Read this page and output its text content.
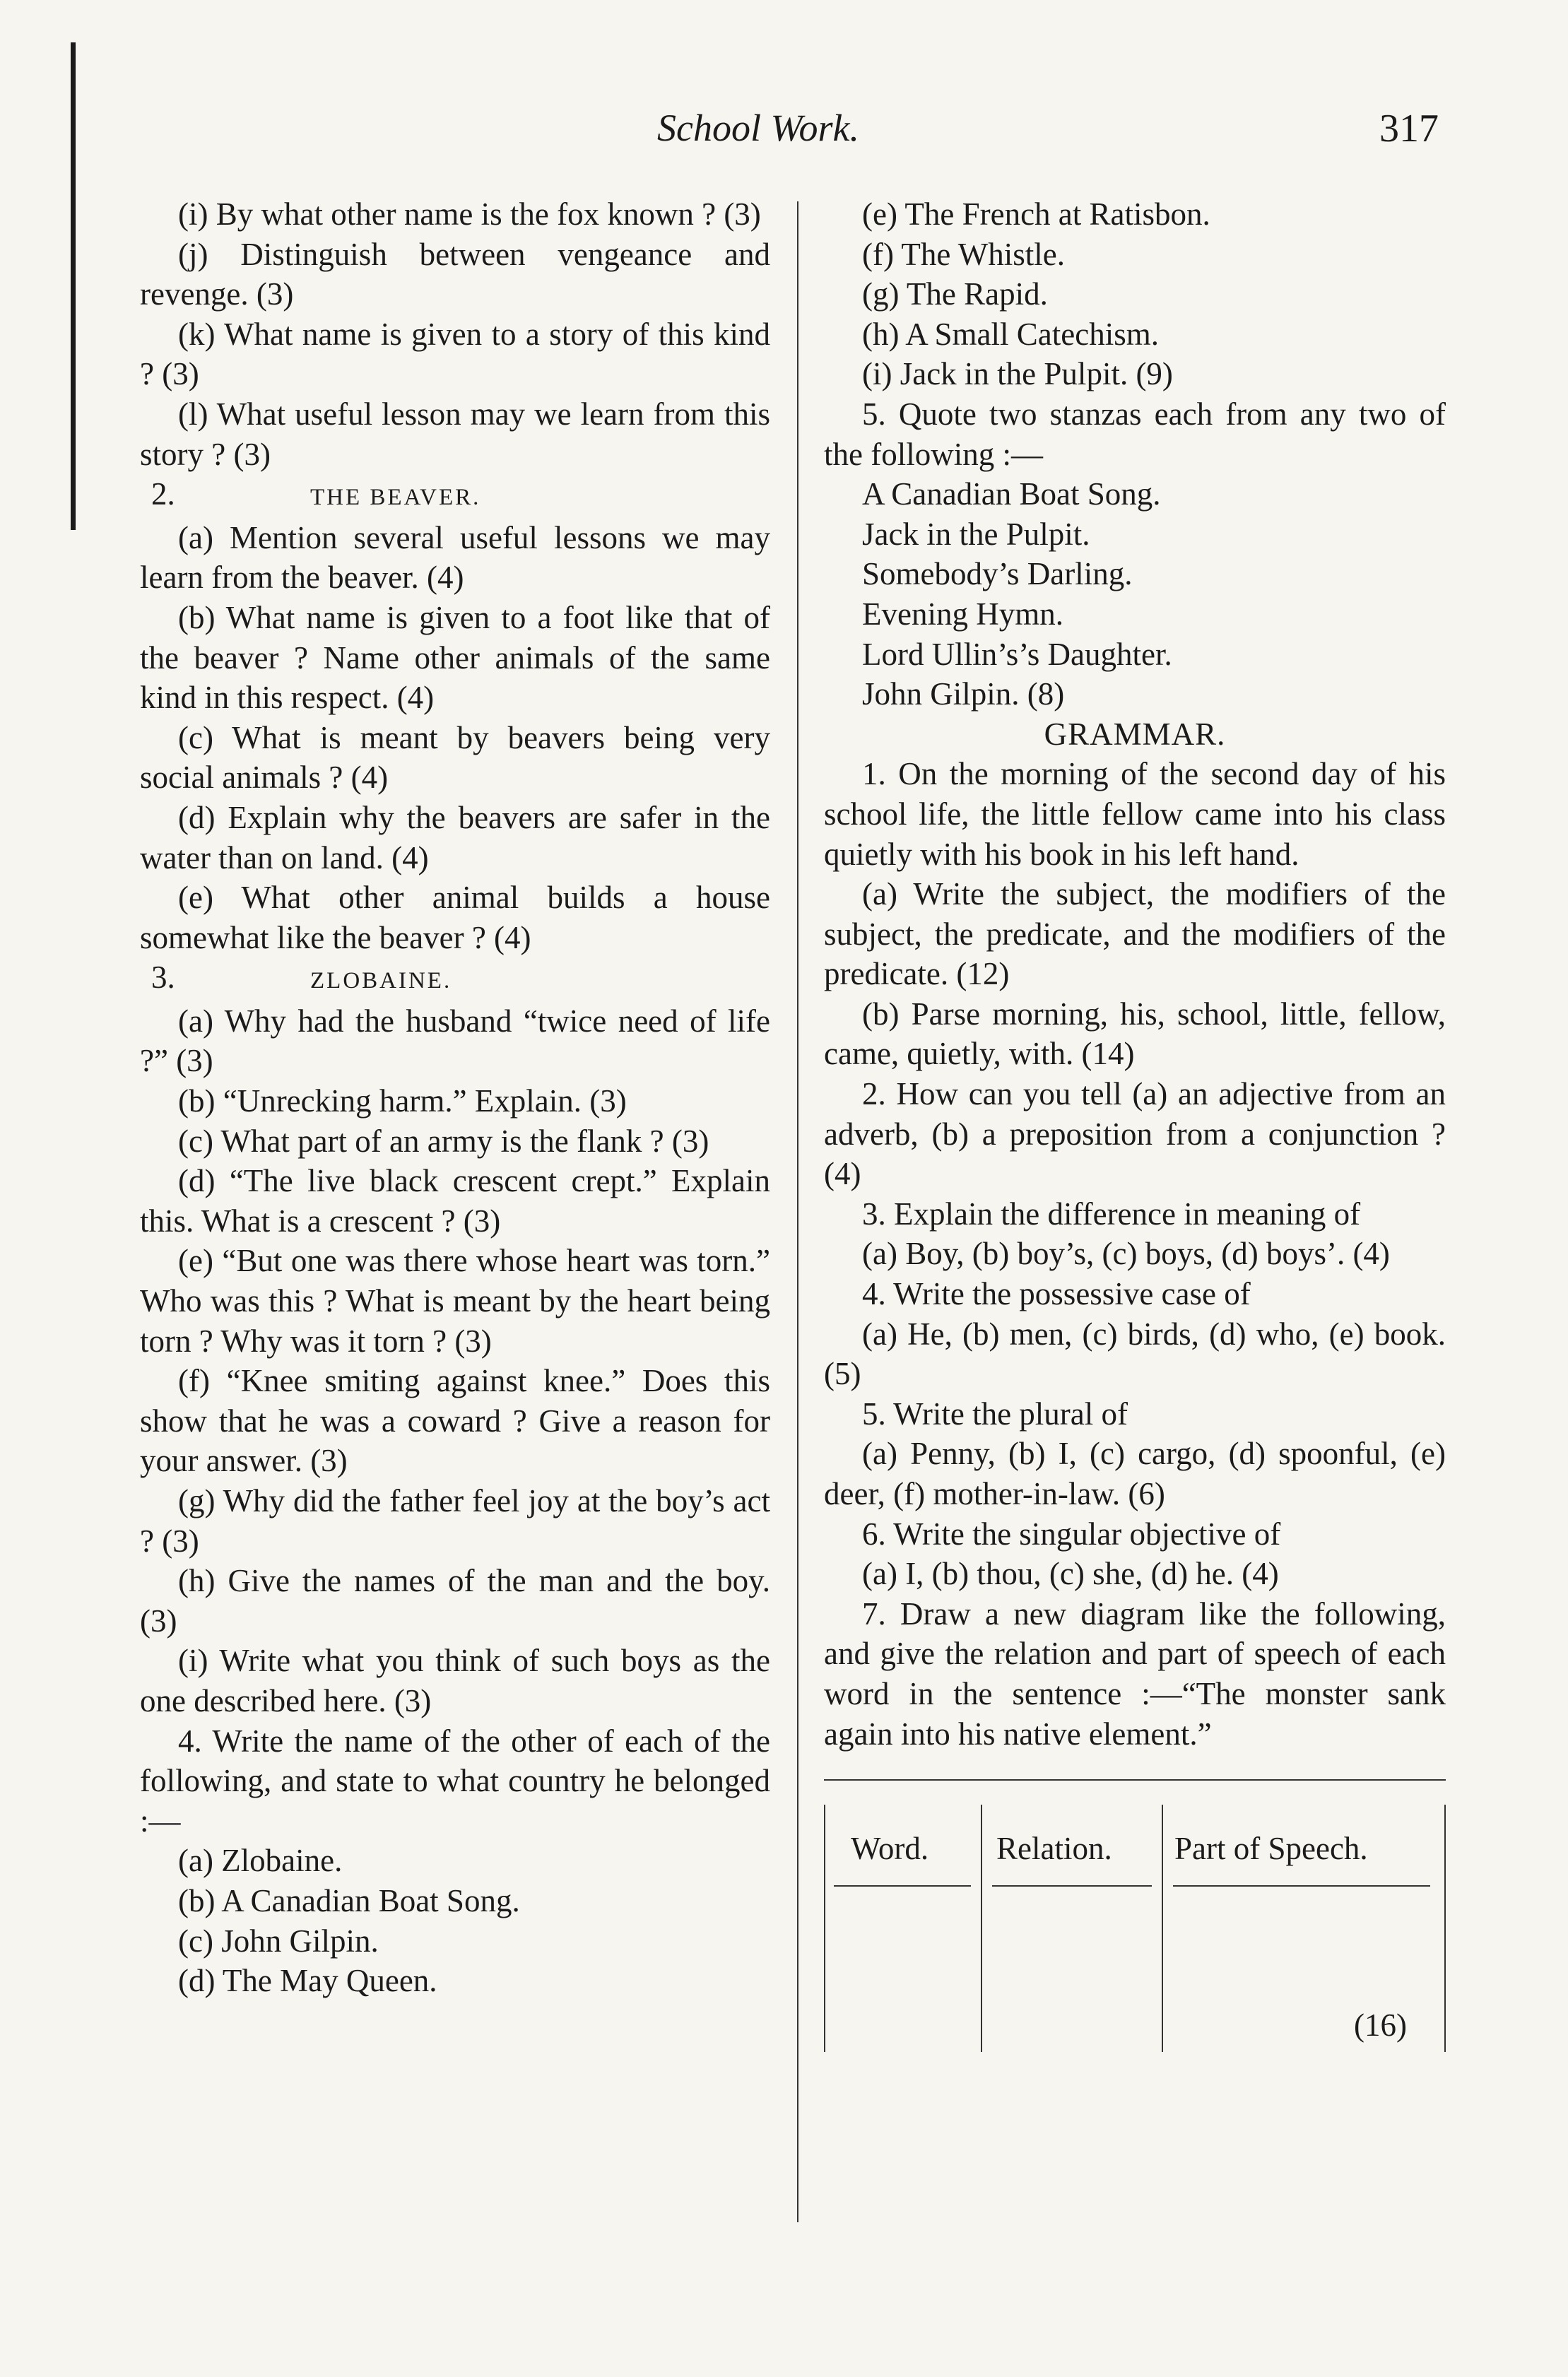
School Work.	317

(i) By what other name is the fox known ? (3)

(j) Distinguish between vengeance and revenge. (3)

(k) What name is given to a story of this kind ? (3)

(l) What useful lesson may we learn from this story ? (3)

2.	THE BEAVER.

(a) Mention several useful lessons we may learn from the beaver. (4)

(b) What name is given to a foot like that of the beaver ? Name other animals of the same kind in this respect. (4)

(c) What is meant by beavers being very social animals ? (4)

(d) Explain why the beavers are safer in the water than on land. (4)

(e) What other animal builds a house somewhat like the beaver ? (4)

3.	ZLOBAINE.

(a) Why had the husband “twice need of life ?” (3)

(b) “Unrecking harm.” Explain. (3)

(c) What part of an army is the flank ? (3)

(d) “The live black crescent crept.” Explain this. What is a crescent ? (3)

(e) “But one was there whose heart was torn.” Who was this ? What is meant by the heart being torn ? Why was it torn ? (3)

(f) “Knee smiting against knee.” Does this show that he was a coward ? Give a reason for your answer. (3)

(g) Why did the father feel joy at the boy’s act ? (3)

(h) Give the names of the man and the boy. (3)

(i) Write what you think of such boys as the one described here. (3)

4. Write the name of the other of each of the following, and state to what country he belonged :—

(a) Zlobaine.
(b) A Canadian Boat Song.
(c) John Gilpin.
(d) The May Queen.
(e) The French at Ratisbon.
(f) The Whistle.
(g) The Rapid.
(h) A Small Catechism.
(i) Jack in the Pulpit. (9)

5. Quote two stanzas each from any two of the following :—

A Canadian Boat Song.
Jack in the Pulpit.
Somebody’s Darling.
Evening Hymn.
Lord Ullin’s’s Daughter.
John Gilpin. (8)
GRAMMAR.

1. On the morning of the second day of his school life, the little fellow came into his class quietly with his book in his left hand.

(a) Write the subject, the modifiers of the subject, the predicate, and the modifiers of the predicate. (12)

(b) Parse morning, his, school, little, fellow, came, quietly, with. (14)

2. How can you tell (a) an adjective from an adverb, (b) a preposition from a conjunction ? (4)

3. Explain the difference in meaning of

(a) Boy, (b) boy’s, (c) boys, (d) boys’. (4)

4. Write the possessive case of

(a) He, (b) men, (c) birds, (d) who, (e) book. (5)

5. Write the plural of

(a) Penny, (b) I, (c) cargo, (d) spoonful, (e) deer, (f) mother-in-law. (6)

6. Write the singular objective of

(a) I, (b) thou, (c) she, (d) he. (4)

7. Draw a new diagram like the following, and give the relation and part of speech of each word in the sentence :—“The monster sank again into his native element.”

Word. Relation. Part of Speech.
(16)
